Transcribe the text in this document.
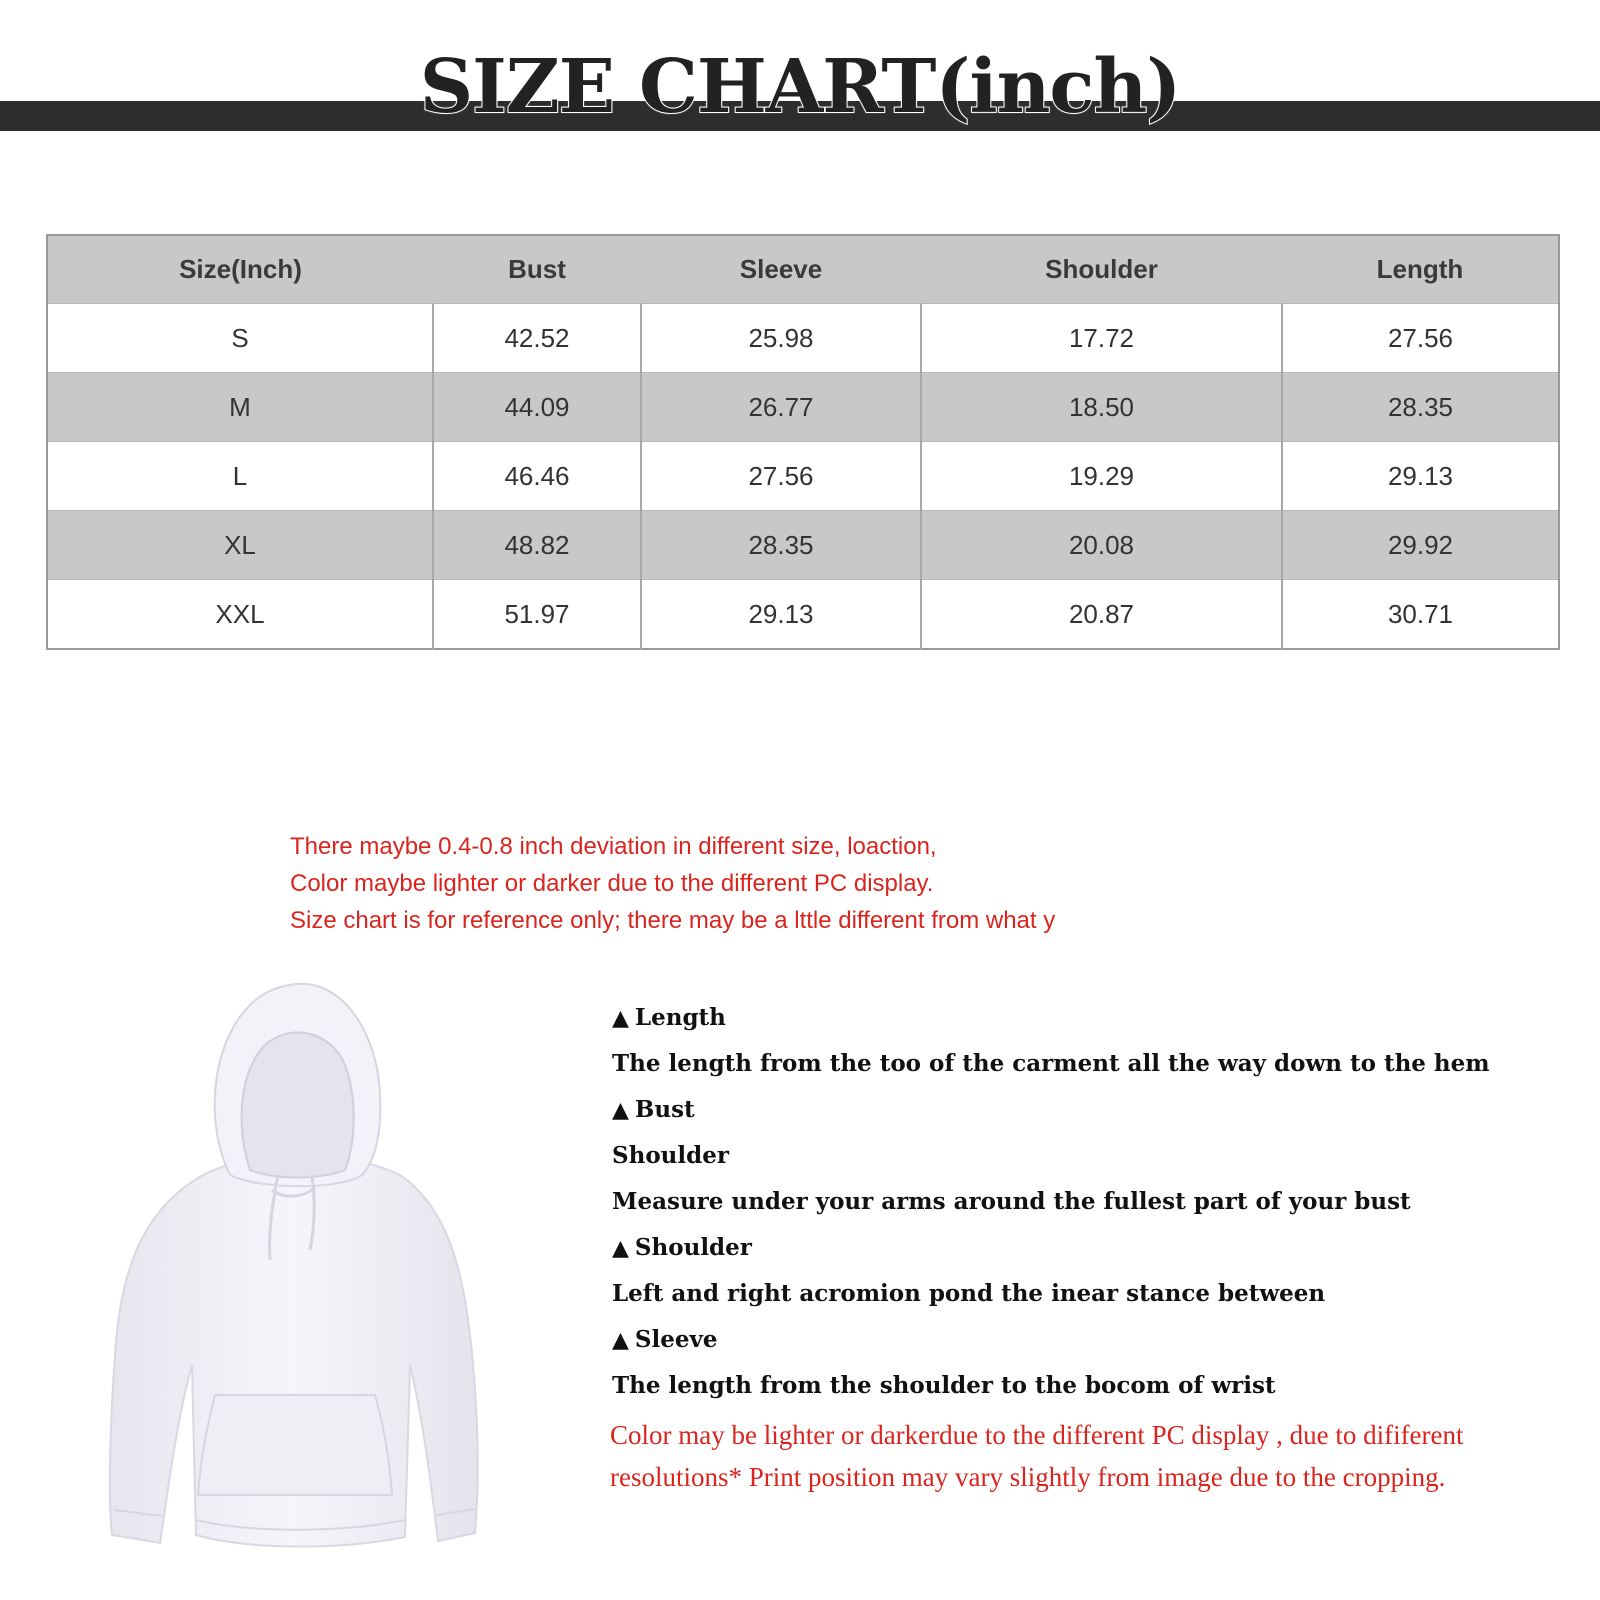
SIZE CHART(inch)
Size(Inch)	Bust	Sleeve	Shoulder	Length
S	42.52	25.98	17.72	27.56
M	44.09	26.77	18.50	28.35
L	46.46	27.56	19.29	29.13
XL	48.82	28.35	20.08	29.92
XXL	51.97	29.13	20.87	30.71

There maybe 0.4-0.8 inch deviation in different size, loaction,

Color maybe lighter or darker due to the different PC display.

Size chart is for reference only; there may be a lttle different from what y

▲ Length
The length from the too of the carment all the way down to the hem
▲ Bust
Shoulder
Measure under your arms around the fullest part of your bust
▲ Shoulder
Left and right acromion pond the inear stance between
▲ Sleeve
The length from the shoulder to the bocom of wrist

Color may be lighter or darkerdue to the different PC display , due to dififerent

resolutions* Print position may vary slightly from image due to the cropping.
